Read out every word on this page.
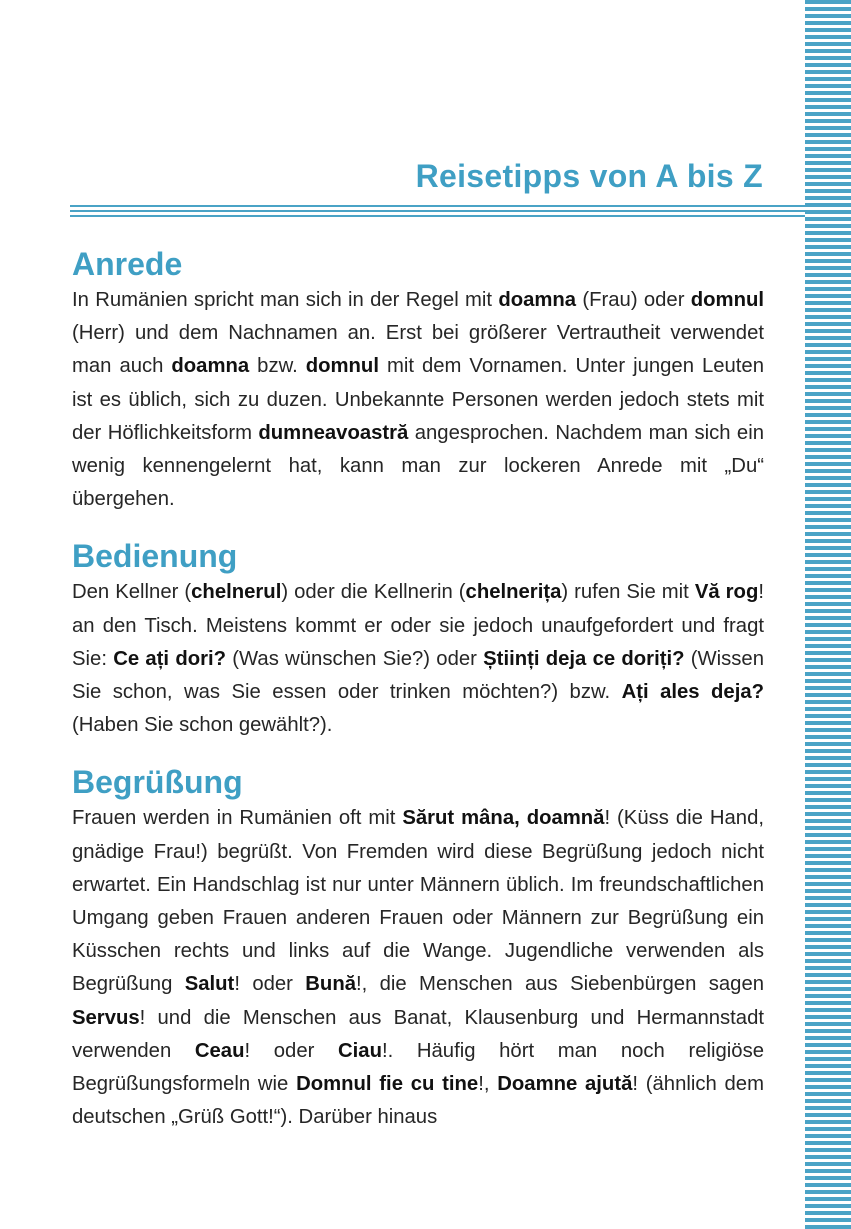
Reisetipps von A bis Z
Anrede

In Rumänien spricht man sich in der Regel mit doamna (Frau) oder domnul (Herr) und dem Nachnamen an. Erst bei größerer Vertrautheit verwendet man auch doamna bzw. domnul mit dem Vornamen. Unter jungen Leuten ist es üblich, sich zu duzen. Unbekannte Personen werden jedoch stets mit der Höflichkeitsform dumneavoastră angesprochen. Nachdem man sich ein wenig kennengelernt hat, kann man zur lockeren Anrede mit „Du“ übergehen.

Bedienung

Den Kellner (chelnerul) oder die Kellnerin (chelnerița) rufen Sie mit Vă rog! an den Tisch. Meistens kommt er oder sie jedoch unaufgefordert und fragt Sie: Ce ați dori? (Was wünschen Sie?) oder Științi deja ce doriți? (Wissen Sie schon, was Sie essen oder trinken möchten?) bzw. Ați ales deja? (Haben Sie schon gewählt?).

Begrüßung

Frauen werden in Rumänien oft mit Sărut mâna, doamnă! (Küss die Hand, gnädige Frau!) begrüßt. Von Fremden wird diese Begrüßung jedoch nicht erwartet. Ein Handschlag ist nur unter Männern üblich. Im freundschaftlichen Umgang geben Frauen anderen Frauen oder Männern zur Begrüßung ein Küsschen rechts und links auf die Wange. Jugendliche verwenden als Begrüßung Salut! oder Bună!, die Menschen aus Siebenbürgen sagen Servus! und die Menschen aus Banat, Klausenburg und Hermannstadt verwenden Ceau! oder Ciau!. Häufig hört man noch religiöse Begrüßungsformeln wie Domnul fie cu tine!, Doamne ajută! (ähnlich dem deutschen „Grüß Gott!“). Darüber hinaus
